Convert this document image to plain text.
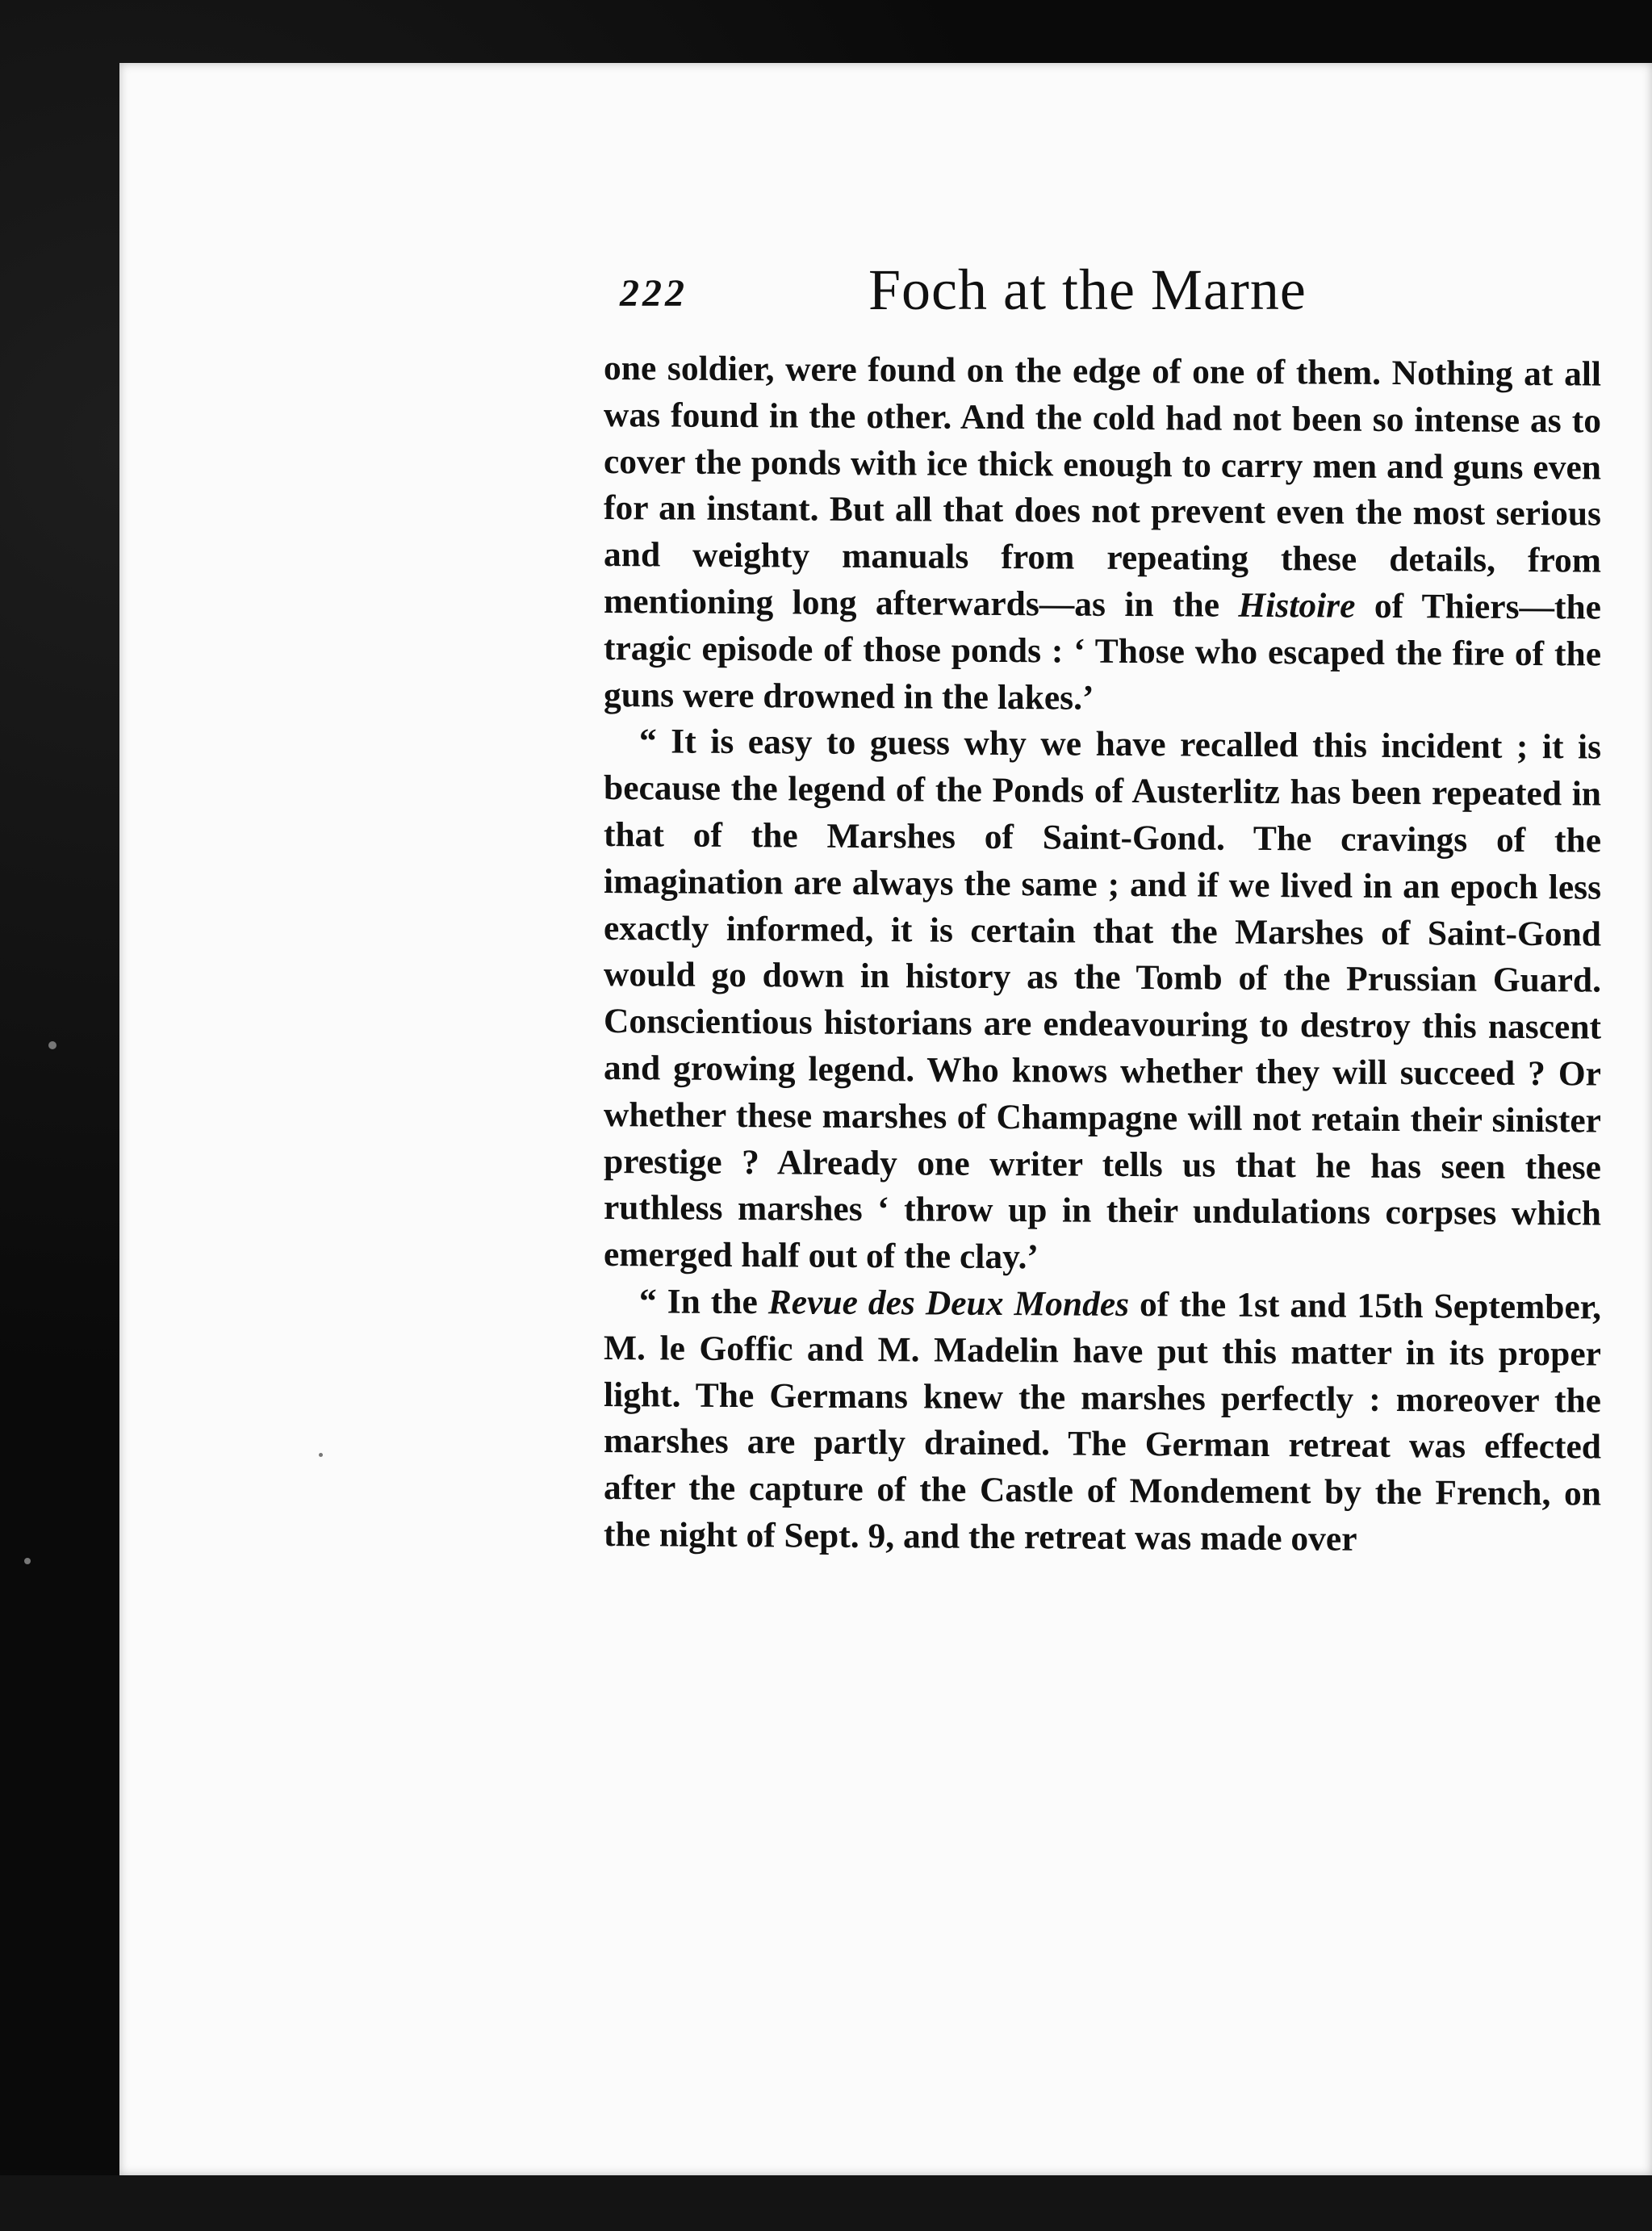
222	Foch at the Marne

one soldier, were found on the edge of one of them. Nothing at all was found in the other. And the cold had not been so intense as to cover the ponds with ice thick enough to carry men and guns even for an instant. But all that does not prevent even the most serious and weighty manuals from repeating these details, from mentioning long afterwards—as in the Histoire of Thiers—the tragic episode of those ponds : ‘ Those who escaped the fire of the guns were drowned in the lakes.’

“ It is easy to guess why we have recalled this incident ; it is because the legend of the Ponds of Austerlitz has been repeated in that of the Marshes of Saint-Gond. The cravings of the imagination are always the same ; and if we lived in an epoch less exactly informed, it is certain that the Marshes of Saint-Gond would go down in history as the Tomb of the Prussian Guard. Conscientious historians are endeavouring to destroy this nascent and growing legend. Who knows whether they will succeed ? Or whether these marshes of Champagne will not retain their sinister prestige ? Already one writer tells us that he has seen these ruthless marshes ‘ throw up in their undulations corpses which emerged half out of the clay.’

“ In the Revue des Deux Mondes of the 1st and 15th September, M. le Goffic and M. Madelin have put this matter in its proper light. The Germans knew the marshes perfectly : moreover the marshes are partly drained. The German retreat was effected after the capture of the Castle of Mondement by the French, on the night of Sept. 9, and the retreat was made over
